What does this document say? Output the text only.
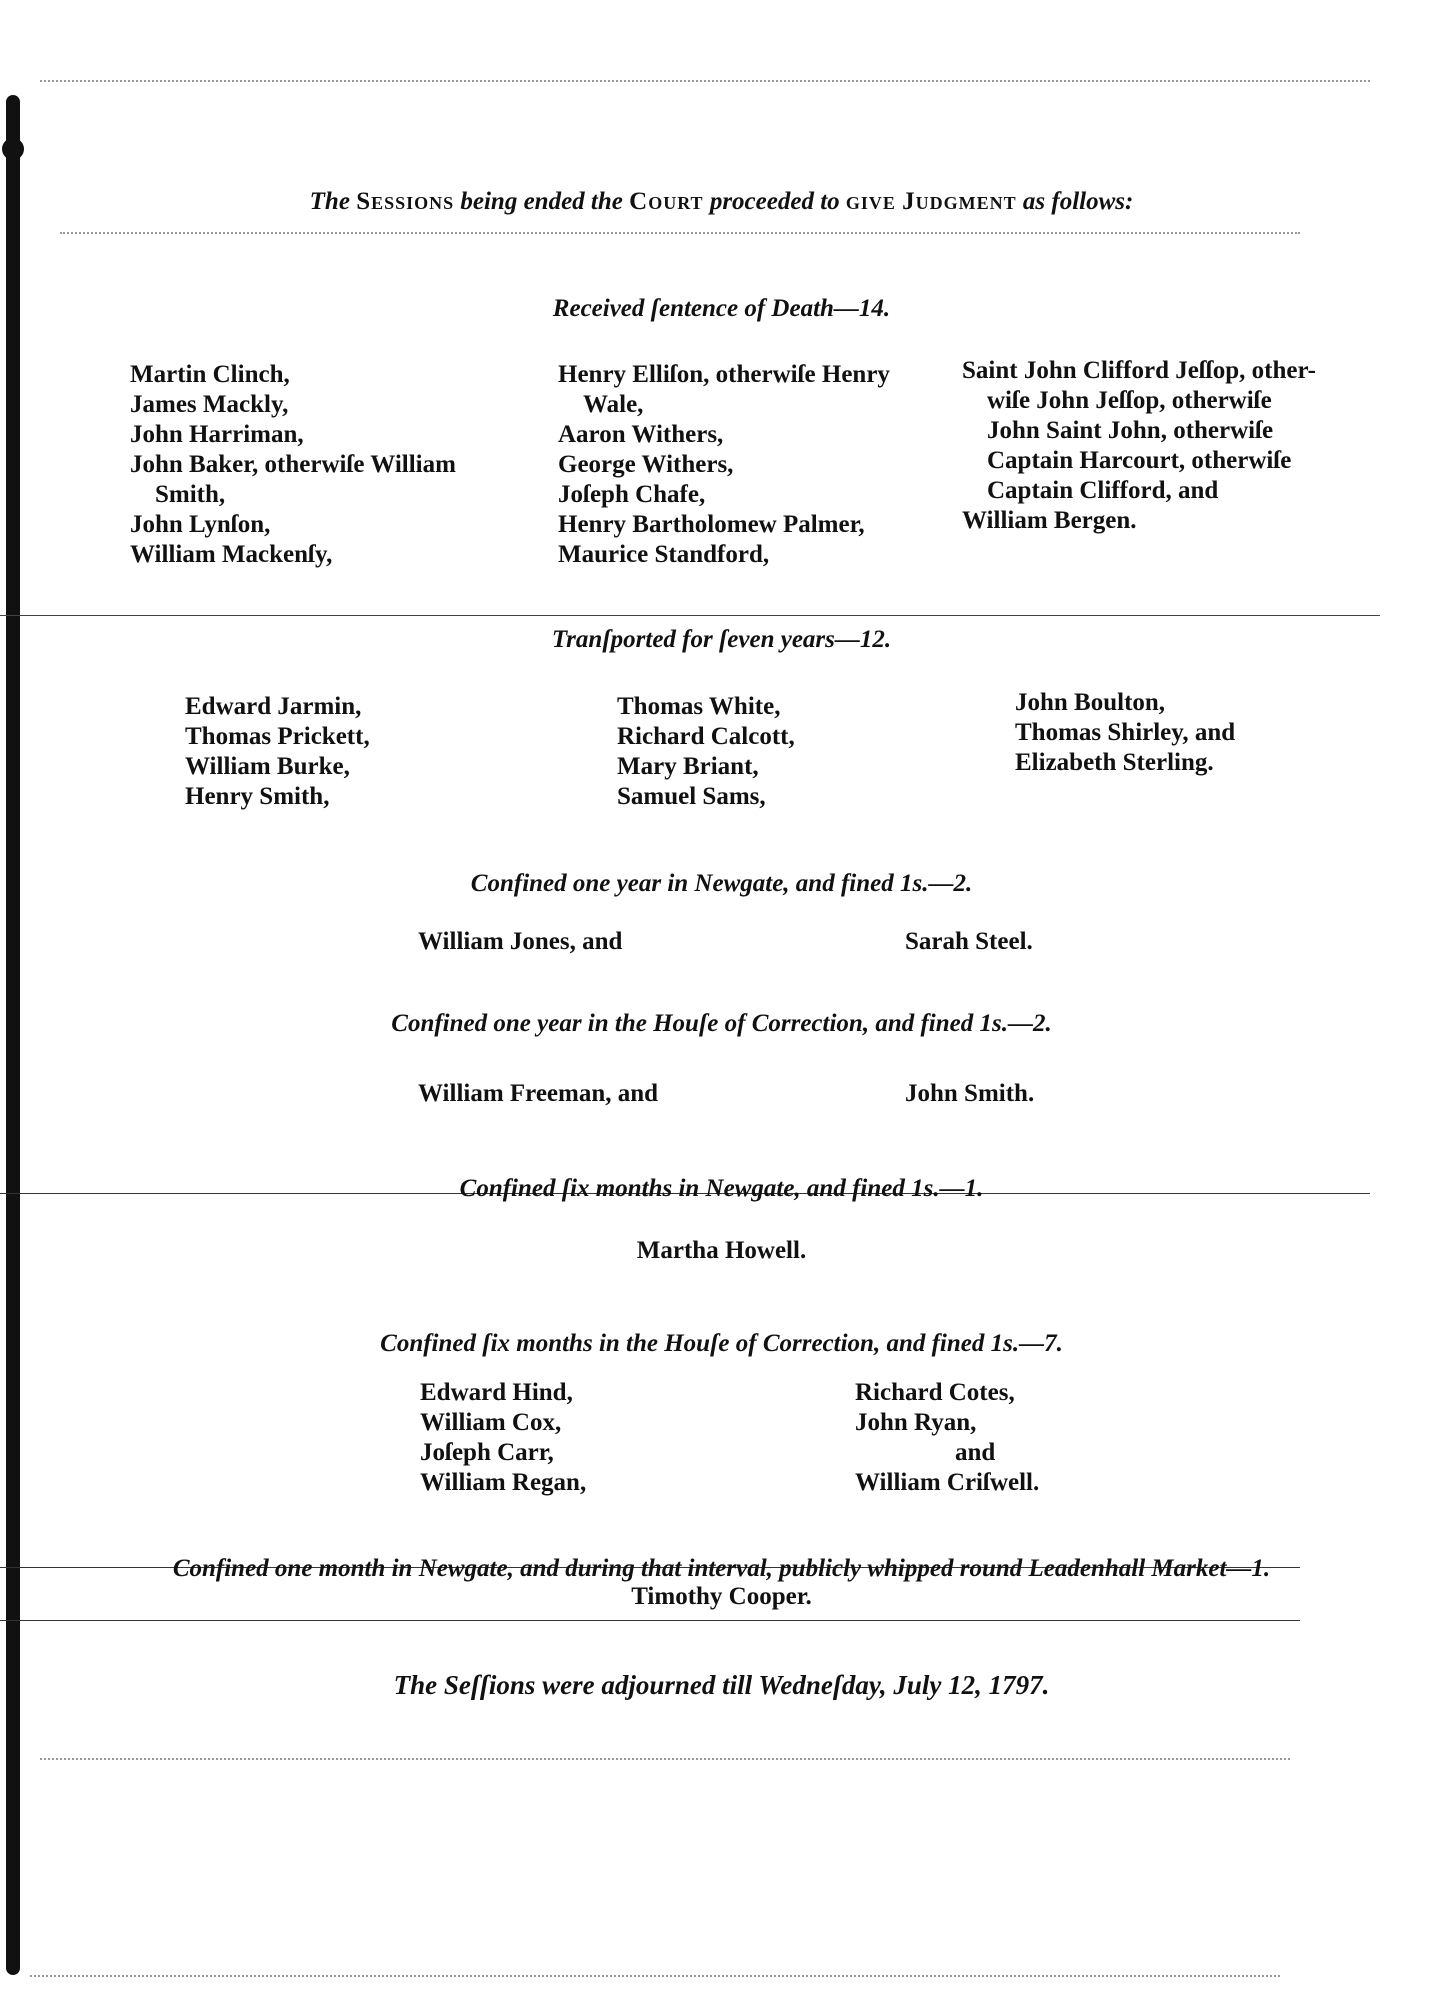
The Sessions being ended the Court proceeded to give Judgment as follows:
Received ſentence of Death—14.
Martin Clinch,
James Mackly,
John Harriman,
John Baker, otherwiſe William
Smith,
John Lynſon,
William Mackenſy,
Henry Elliſon, otherwiſe Henry
Wale,
Aaron Withers,
George Withers,
Joſeph Chafe,
Henry Bartholomew Palmer,
Maurice Standford,
Saint John Clifford Jeſſop, other-
wiſe John Jeſſop, otherwiſe
John Saint John, otherwiſe
Captain Harcourt, otherwiſe
Captain Clifford, and
William Bergen.
Tranſported for ſeven years—12.
Edward Jarmin,
Thomas Prickett,
William Burke,
Henry Smith,
Thomas White,
Richard Calcott,
Mary Briant,
Samuel Sams,
John Boulton,
Thomas Shirley, and
Elizabeth Sterling.
Confined one year in Newgate, and fined 1s.—2.
William Jones, and	Sarah Steel.
Confined one year in the Houſe of Correction, and fined 1s.—2.
William Freeman, and	John Smith.
Confined ſix months in Newgate, and fined 1s.—1.
Martha Howell.
Confined ſix months in the Houſe of Correction, and fined 1s.—7.
Edward Hind,
William Cox,
Joſeph Carr,
William Regan,
Richard Cotes,
John Ryan,
and
William Criſwell.
Confined one month in Newgate, and during that interval, publicly whipped round Leadenhall Market—1.
Timothy Cooper.
The Seſſions were adjourned till Wedneſday, July 12, 1797.
